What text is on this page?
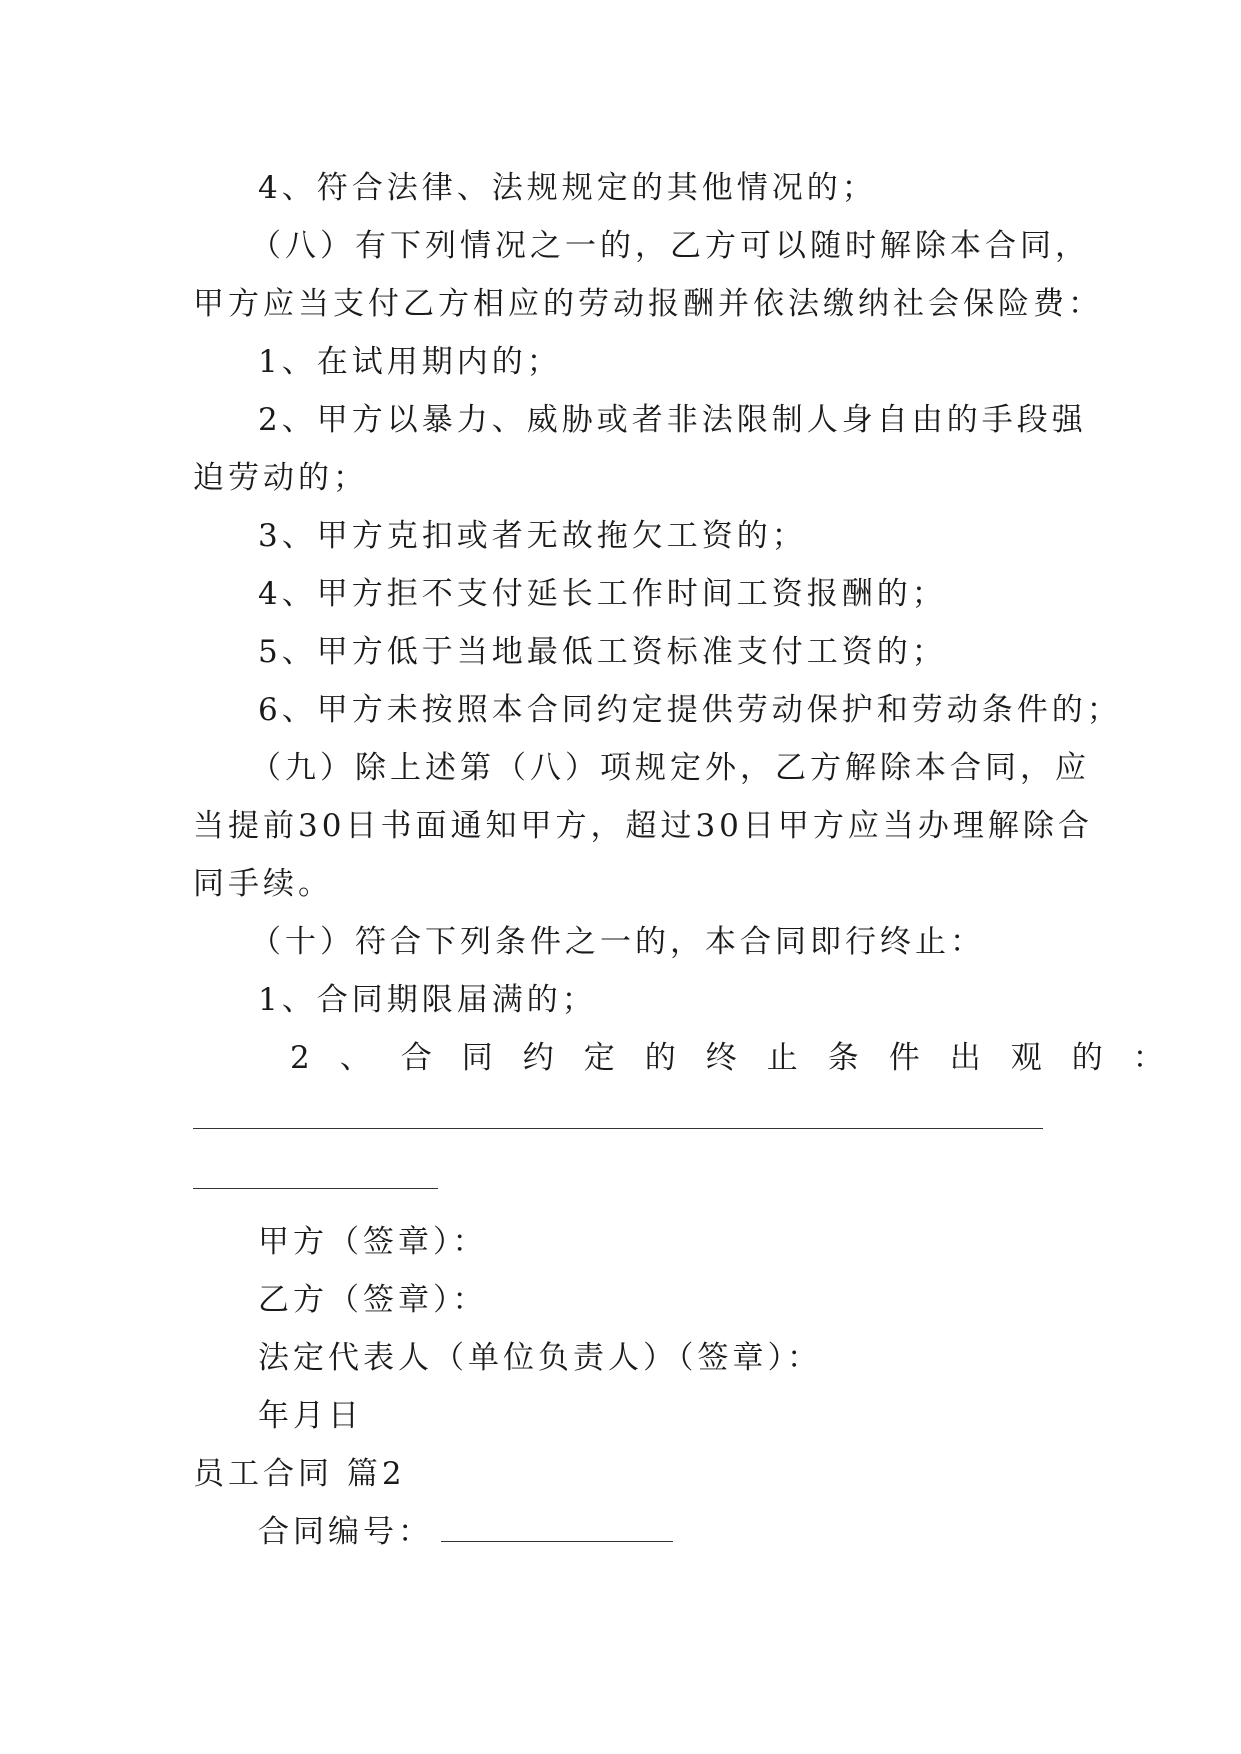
4、符合法律、法规规定的其他情况的；
（八）有下列情况之一的，乙方可以随时解除本合同，
甲方应当支付乙方相应的劳动报酬并依法缴纳社会保险费：
1、在试用期内的；
2、甲方以暴力、威胁或者非法限制人身自由的手段强
迫劳动的；
3、甲方克扣或者无故拖欠工资的；
4、甲方拒不支付延长工作时间工资报酬的；
5、甲方低于当地最低工资标准支付工资的；
6、甲方未按照本合同约定提供劳动保护和劳动条件的；
（九）除上述第（八）项规定外，乙方解除本合同，应
当提前30日书面通知甲方，超过30日甲方应当办理解除合
同手续。
（十）符合下列条件之一的，本合同即行终止：
1、合同期限届满的；
2、合同约定的终止条件出观的：
甲方（签章）：
乙方（签章）：
法定代表人（单位负责人）（签章）：
年月日
员工合同 篇2
合同编号：
